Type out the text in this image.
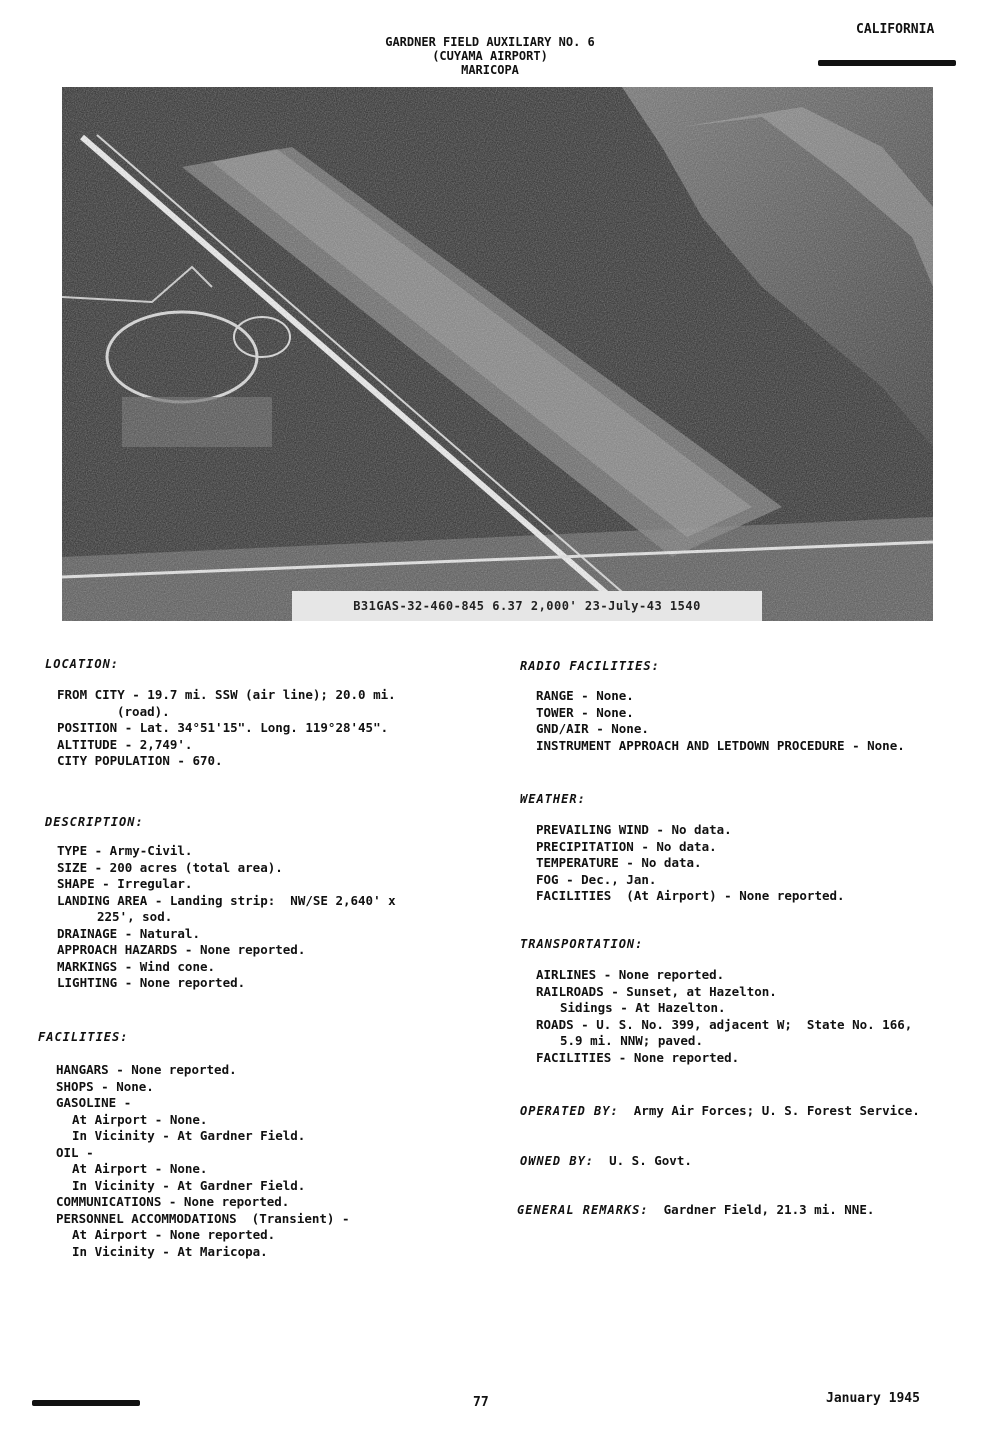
GARDNER FIELD AUXILIARY NO. 6
(CUYAMA AIRPORT)
MARICOPA
CALIFORNIA
B31GAS-32-460-845 6.37 2,000' 23-July-43 1540
LOCATION:
FROM CITY - 19.7 mi. SSW (air line); 20.0 mi.
(road).
POSITION - Lat. 34°51'15". Long. 119°28'45".
ALTITUDE - 2,749'.
CITY POPULATION - 670.
DESCRIPTION:
TYPE - Army-Civil.
SIZE - 200 acres (total area).
SHAPE - Irregular.
LANDING AREA - Landing strip:  NW/SE 2,640' x
225', sod.
DRAINAGE - Natural.
APPROACH HAZARDS - None reported.
MARKINGS - Wind cone.
LIGHTING - None reported.
FACILITIES:
HANGARS - None reported.
SHOPS - None.
GASOLINE -
At Airport - None.
In Vicinity - At Gardner Field.
OIL -
At Airport - None.
In Vicinity - At Gardner Field.
COMMUNICATIONS - None reported.
PERSONNEL ACCOMMODATIONS  (Transient) -
At Airport - None reported.
In Vicinity - At Maricopa.
RADIO FACILITIES:
RANGE - None.
TOWER - None.
GND/AIR - None.
INSTRUMENT APPROACH AND LETDOWN PROCEDURE - None.
WEATHER:
PREVAILING WIND - No data.
PRECIPITATION - No data.
TEMPERATURE - No data.
FOG - Dec., Jan.
FACILITIES  (At Airport) - None reported.
TRANSPORTATION:
AIRLINES - None reported.
RAILROADS - Sunset, at Hazelton.
Sidings - At Hazelton.
ROADS - U. S. No. 399, adjacent W;  State No. 166,
5.9 mi. NNW; paved.
FACILITIES - None reported.
OPERATED BY: Army Air Forces; U. S. Forest Service.
OWNED BY: U. S. Govt.
GENERAL REMARKS: Gardner Field, 21.3 mi. NNE.
77	January 1945
